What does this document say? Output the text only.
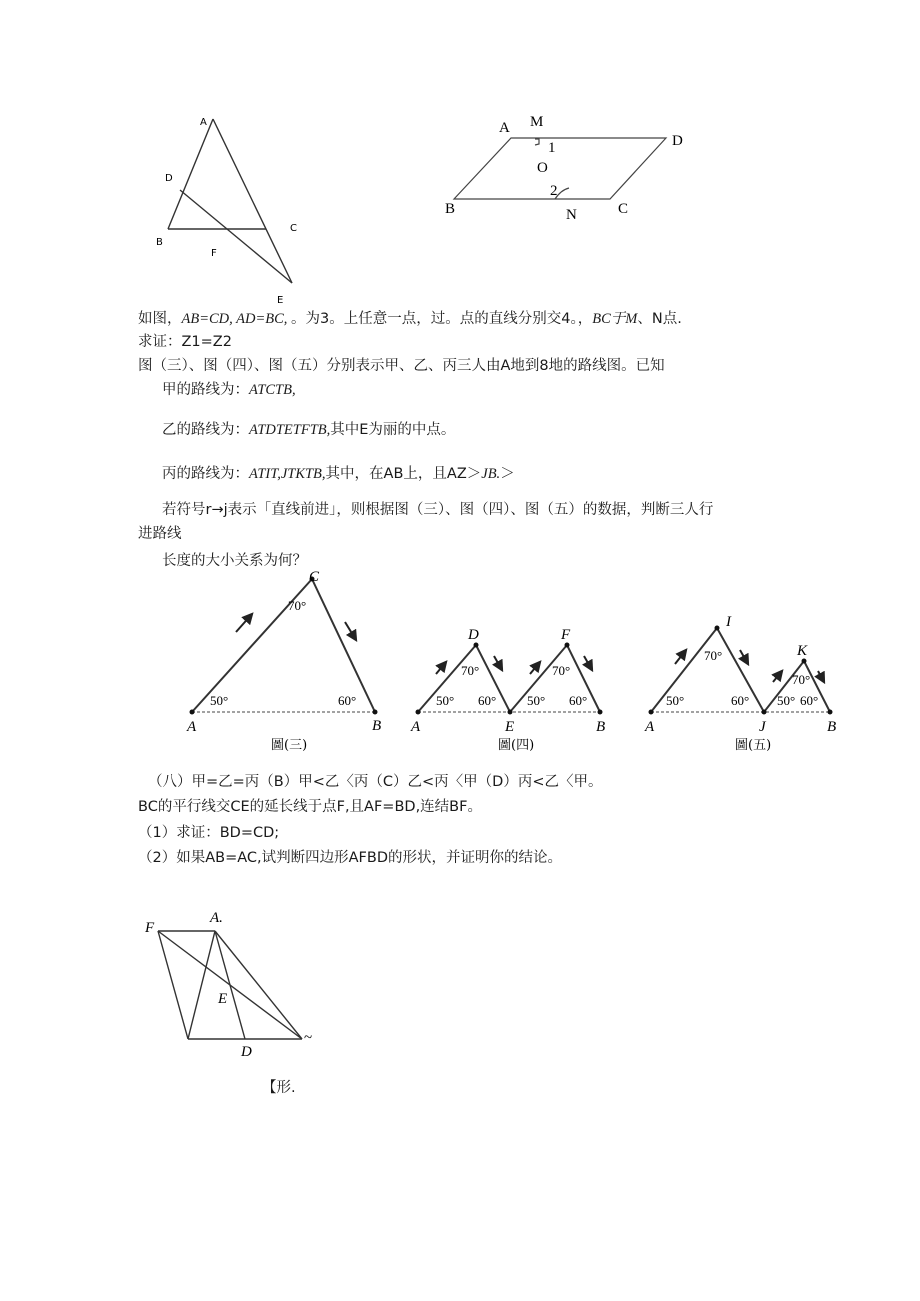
A
D
B
C
F
E
A M
D
1
O
2
B	N	C
如图，AB=CD, AD=BC, 。为3。上任意一点，过。点的直线分别交4。，BC于M、N点.
求证：Z1=Z2
图（三）、图（四）、图（五）分别表示甲、乙、丙三人由A地到8地的路线图。已知
甲的路线为：ATCTB,
乙的路线为：ATDTETFTB,其中E为丽的中点。
丙的路线为：ATIT,JTKTB,其中，在AB上，且AZ＞JB.＞
若符号r→j表示「直线前进」，则根据图（三）、图（四）、图（五）的数据，判断三人行
进路线
长度的大小关系为何？
C
70°
50°	60°
A	B
圖(三)
D	F
70°	70°
50° 60° 50° 60°
A	E	B
圖(四)
I
K
70°
70°
50°	60° 50° 60°
A	J	B
圖(五)
（八）甲=乙=丙（B）甲<乙〈丙（C）乙<丙〈甲（D）丙<乙〈甲。
BC的平行线交CE的延长线于点F,且AF=BD,连结BF。
（1）求证：BD=CD;
（2）如果AB=AC,试判断四边形AFBD的形状，并证明你的结论。
F
A.
E
D
~
【形.
